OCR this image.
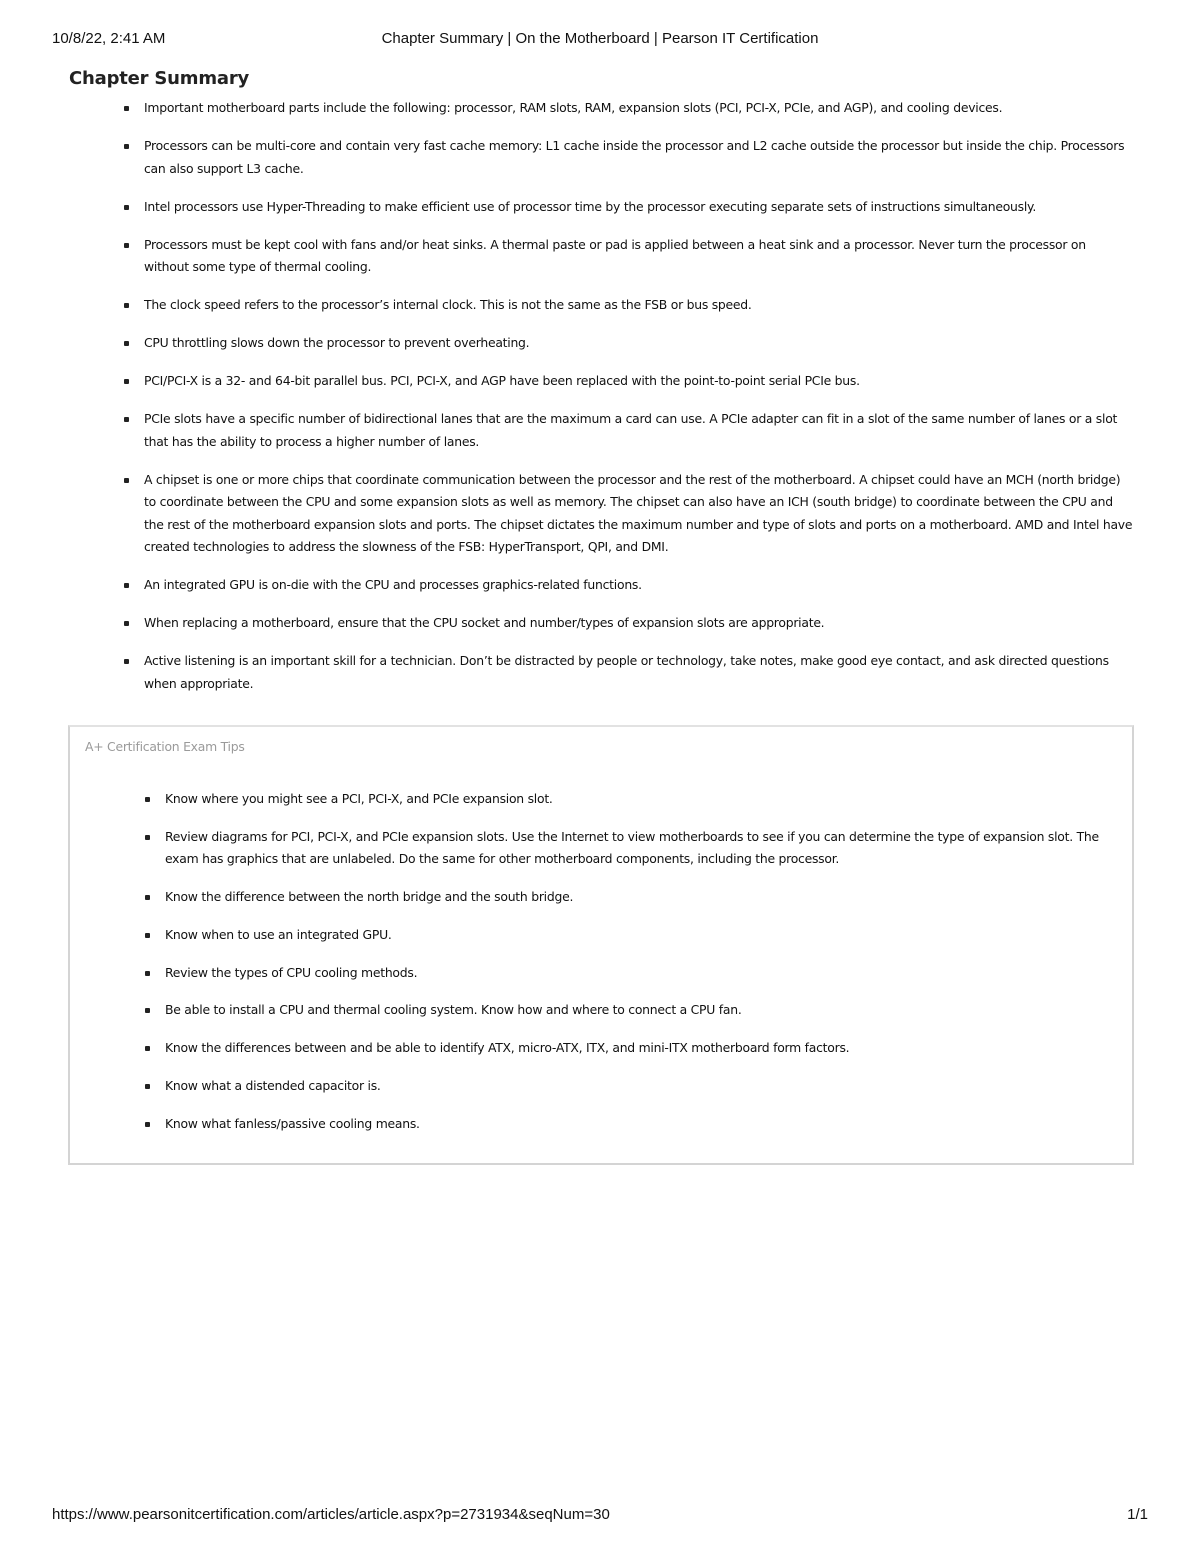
10/8/22, 2:41 AM	Chapter Summary | On the Motherboard | Pearson IT Certification
Chapter Summary
Important motherboard parts include the following: processor, RAM slots, RAM, expansion slots (PCI, PCI-X, PCIe, and AGP), and cooling devices.
Processors can be multi-core and contain very fast cache memory: L1 cache inside the processor and L2 cache outside the processor but inside the chip. Processors can also support L3 cache.
Intel processors use Hyper-Threading to make efficient use of processor time by the processor executing separate sets of instructions simultaneously.
Processors must be kept cool with fans and/or heat sinks. A thermal paste or pad is applied between a heat sink and a processor. Never turn the processor on without some type of thermal cooling.
The clock speed refers to the processor’s internal clock. This is not the same as the FSB or bus speed.
CPU throttling slows down the processor to prevent overheating.
PCI/PCI-X is a 32- and 64-bit parallel bus. PCI, PCI-X, and AGP have been replaced with the point-to-point serial PCIe bus.
PCIe slots have a specific number of bidirectional lanes that are the maximum a card can use. A PCIe adapter can fit in a slot of the same number of lanes or a slot that has the ability to process a higher number of lanes.
A chipset is one or more chips that coordinate communication between the processor and the rest of the motherboard. A chipset could have an MCH (north bridge) to coordinate between the CPU and some expansion slots as well as memory. The chipset can also have an ICH (south bridge) to coordinate between the CPU and the rest of the motherboard expansion slots and ports. The chipset dictates the maximum number and type of slots and ports on a motherboard. AMD and Intel have created technologies to address the slowness of the FSB: HyperTransport, QPI, and DMI.
An integrated GPU is on-die with the CPU and processes graphics-related functions.
When replacing a motherboard, ensure that the CPU socket and number/types of expansion slots are appropriate.
Active listening is an important skill for a technician. Don’t be distracted by people or technology, take notes, make good eye contact, and ask directed questions when appropriate.
A+ Certification Exam Tips
Know where you might see a PCI, PCI-X, and PCIe expansion slot.
Review diagrams for PCI, PCI-X, and PCIe expansion slots. Use the Internet to view motherboards to see if you can determine the type of expansion slot. The exam has graphics that are unlabeled. Do the same for other motherboard components, including the processor.
Know the difference between the north bridge and the south bridge.
Know when to use an integrated GPU.
Review the types of CPU cooling methods.
Be able to install a CPU and thermal cooling system. Know how and where to connect a CPU fan.
Know the differences between and be able to identify ATX, micro-ATX, ITX, and mini-ITX motherboard form factors.
Know what a distended capacitor is.
Know what fanless/passive cooling means.
https://www.pearsonitcertification.com/articles/article.aspx?p=2731934&seqNum=30	1/1
